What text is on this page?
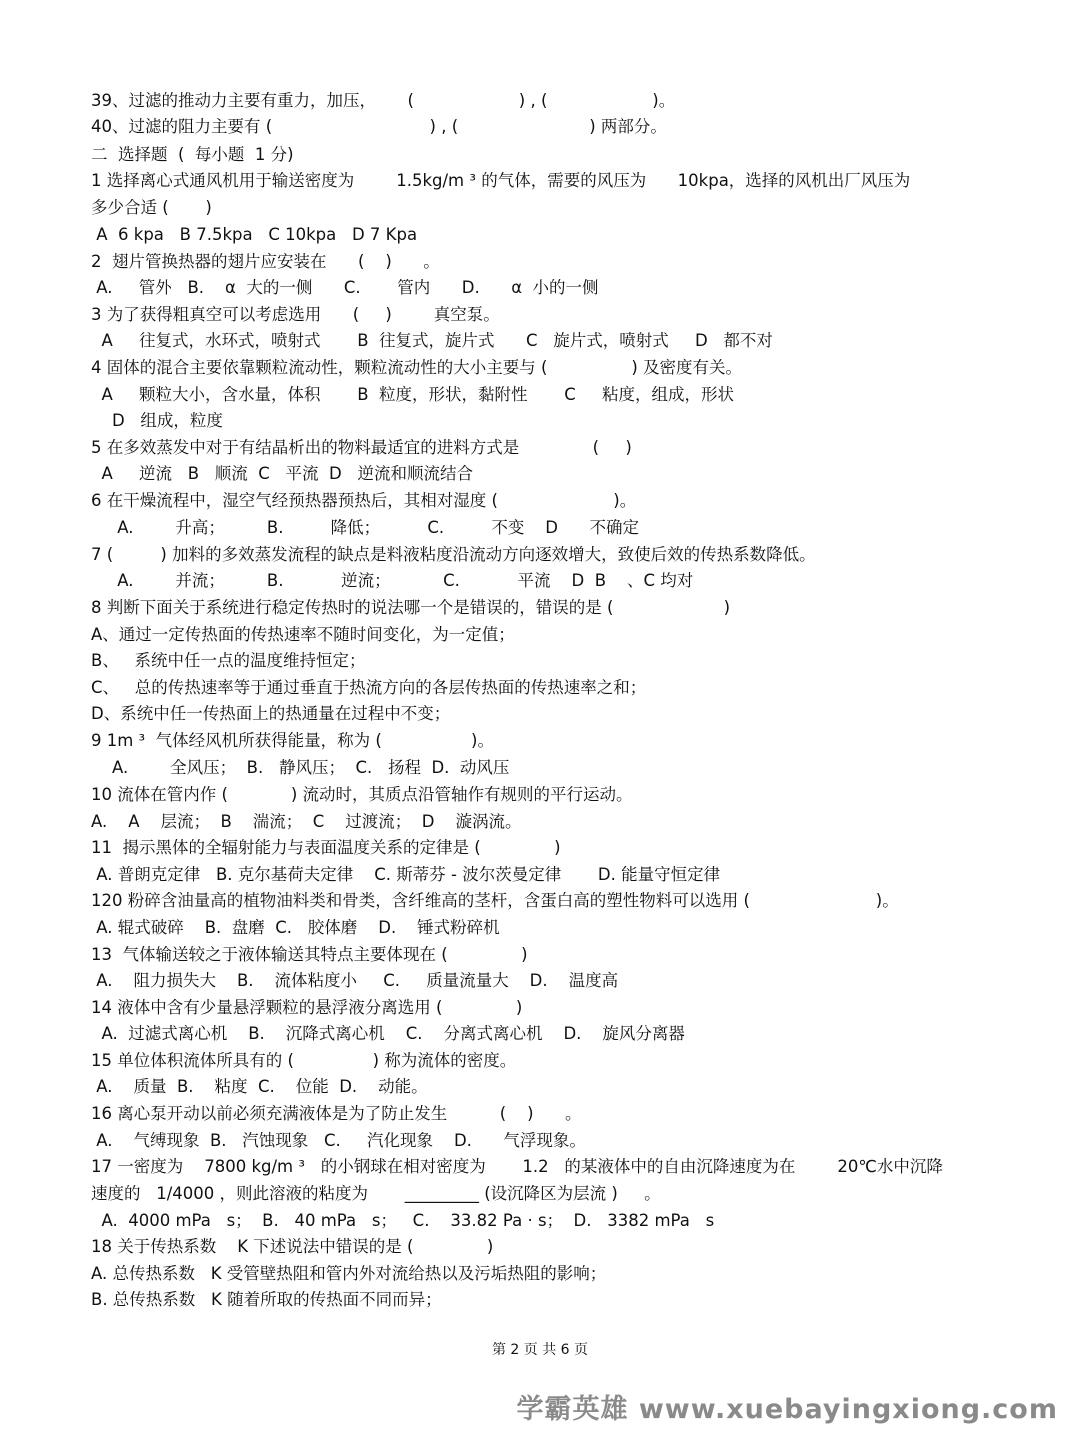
39、过滤的推动力主要有重力，加压，      (                    ) , (                    )。
40、过滤的阻力主要有 (                              ) , (                         ) 两部分。
二  选择题  (  每小题  1 分)
1 选择离心式通风机用于输送密度为        1.5kg/m ³ 的气体，需要的风压为      10kpa，选择的风机出厂风压为
多少合适 (       )
A  6 kpa   B 7.5kpa   C 10kpa   D 7 Kpa
2  翅片管换热器的翅片应安装在      (    )      。
A.     管外   B.    α  大的一侧      C.       管内      D.      α  小的一侧
3 为了获得粗真空可以考虑选用      (     )        真空泵。
A     往复式，水环式，喷射式       B  往复式，旋片式      C   旋片式，喷射式     D   都不对
4 固体的混合主要依靠颗粒流动性，颗粒流动性的大小主要与 (                ) 及密度有关。
A     颗粒大小，含水量，体积       B  粒度，形状，黏附性       C     粘度，组成，形状
D   组成，粒度
5 在多效蒸发中对于有结晶析出的物料最适宜的进料方式是              (     )
A     逆流   B   顺流  C   平流  D   逆流和顺流结合
6 在干燥流程中，湿空气经预热器预热后，其相对湿度 (                      )。
A.        升高；        B.         降低；         C.         不变    D      不确定
7 (         ) 加料的多效蒸发流程的缺点是料液粘度沿流动方向逐效增大，致使后效的传热系数降低。
A.        并流；        B.           逆流；          C.           平流    D  B    、C 均对
8 判断下面关于系统进行稳定传热时的说法哪一个是错误的，错误的是 (                     )
A、通过一定传热面的传热速率不随时间变化，为一定值；
B、   系统中任一点的温度维持恒定；
C、   总的传热速率等于通过垂直于热流方向的各层传热面的传热速率之和；
D、系统中任一传热面上的热通量在过程中不变；
9 1m ³  气体经风机所获得能量，称为 (                 )。
A.        全风压；  B.   静风压；  C.   扬程  D.  动风压
10 流体在管内作 (            ) 流动时，其质点沿管轴作有规则的平行运动。
A.    A    层流；  B    湍流；  C    过渡流；  D    漩涡流。
11  揭示黑体的全辐射能力与表面温度关系的定律是 (              )
A. 普朗克定律   B. 克尔基荷夫定律    C. 斯蒂芬 - 波尔茨曼定律       D. 能量守恒定律
120 粉碎含油量高的植物油料类和骨类，含纤维高的茎杆，含蛋白高的塑性物料可以选用 (                        )。
A. 辊式破碎    B.  盘磨  C.   胶体磨    D.    锤式粉碎机
13  气体输送较之于液体输送其特点主要体现在 (              )
A.    阻力损失大    B.    流体粘度小     C.     质量流量大    D.    温度高
14 液体中含有少量悬浮颗粒的悬浮液分离选用 (              )
A.  过滤式离心机    B.    沉降式离心机    C.    分离式离心机    D.    旋风分离器
15 单位体积流体所具有的 (               ) 称为流体的密度。
A.    质量  B.    粘度  C.    位能  D.    动能。
16 离心泵开动以前必须充满液体是为了防止发生          (    )      。
A.    气缚现象  B.   汽蚀现象   C.     汽化现象    D.      气浮现象。
17 一密度为    7800 kg/m ³   的小钢球在相对密度为       1.2   的某液体中的自由沉降速度为在        20℃水中沉降
速度的   1/4000 ，则此溶液的粘度为       _________ (设沉降区为层流 )     。
A.  4000 mPa   s；  B.   40 mPa   s；   C.    33.82 Pa · s；  D.   3382 mPa   s
18 关于传热系数    K 下述说法中错误的是 (              )
A. 总传热系数   K 受管壁热阻和管内外对流给热以及污垢热阻的影响；
B. 总传热系数   K 随着所取的传热面不同而异；
第 2 页 共 6 页
学霸英雄 www.xuebayingxiong.com
